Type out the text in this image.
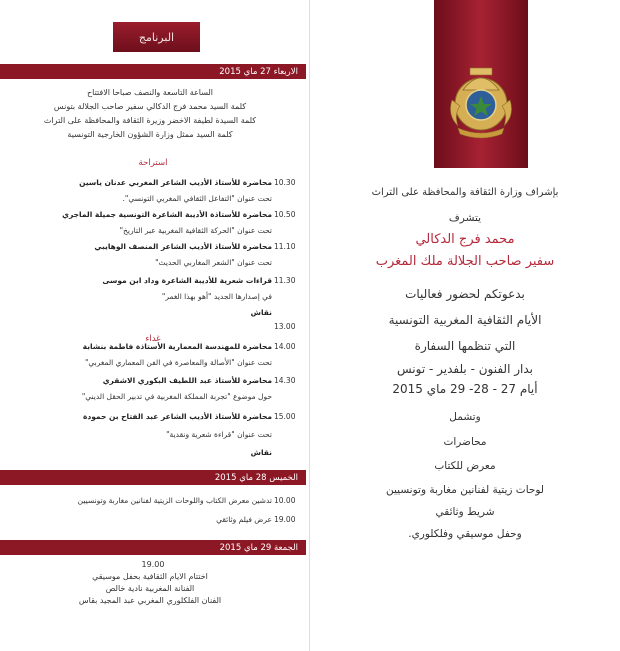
البرنامج
الاربعاء 27 ماي 2015
الساعة التاسعة والنصف صباحا الافتتاح
كلمة السيد محمد فرج الدكالي سفير صاحب الجلالة بتونس
كلمة السيدة لطيفة الاخضر وزيرة الثقافة والمحافظة على التراث
كلمة السيد ممثل وزارة الشؤون الخارجية التونسية
استراحة
10.30
محاضرة للأستاذ الأديب الشاعر المغربي عدنان ياسين
تحت عنوان "التفاعل الثقافي المغربي التونسي".
10.50
محاضرة للأستاذة الأديبة الشاعرة التونسية جميلة الماجري
تحت عنوان "الحركة الثقافية المغربية عبر التاريخ"
11.10
محاضرة للأستاذ الأديب الشاعر المنصف الوهايبي
تحت عنوان "الشعر المغاربي الحديث"
11.30
قراءات شعرية للأديبة الشاعرة وداد ابن موسى
في إصدارها الجديد "أهو بهذا الغمر"
نقاش
13.00
غداء
14.00
محاضرة للمهندسة المعمارية الأستاذة فاطمة بنشابة
تحت عنوان "الأصالة والمعاصرة في الفن المعماري المغربي"
14.30
محاضرة للأستاذ عبد اللطيف البكوري الاشقري
حول موضوع "تجربة المملكة المغربية في تدبير الحقل الديني"
15.00
محاضرة للأستاذ الأديب الشاعر عبد الفتاح بن حمودة
تحت عنوان "قراءة شعرية ونقدية"
نقاش
الخميس 28 ماي 2015
10.00
تدشين معرض الكتاب واللوحات الزيتية لفنانين مغاربة وتونسيين
19.00
عرض فيلم وثائقي
الجمعة 29 ماي 2015
19.00
اختتام الايام الثقافية بحفل موسيقي
الفنانة المغربية نادية خالص
الفنان الفلكلوري المغربي عبد المجيد بقاس
بإشراف وزارة الثقافة والمحافظة على التراث
يتشرف
محمد فرج الدكالي
سفير صاحب الجلالة ملك المغرب
بدعوتكم لحضور فعاليات
الأيام الثقافية المغربية التونسية
التي تنظمها السفارة
بدار الفنون - بلفدير - تونس
أيام 27 - 28- 29 ماي 2015
وتشمل
محاضرات
معرض للكتاب
لوحات زيتية لفنانين مغاربة وتونسيين
شريط وثائقي
وحفل موسيقي وفلكلوري.
